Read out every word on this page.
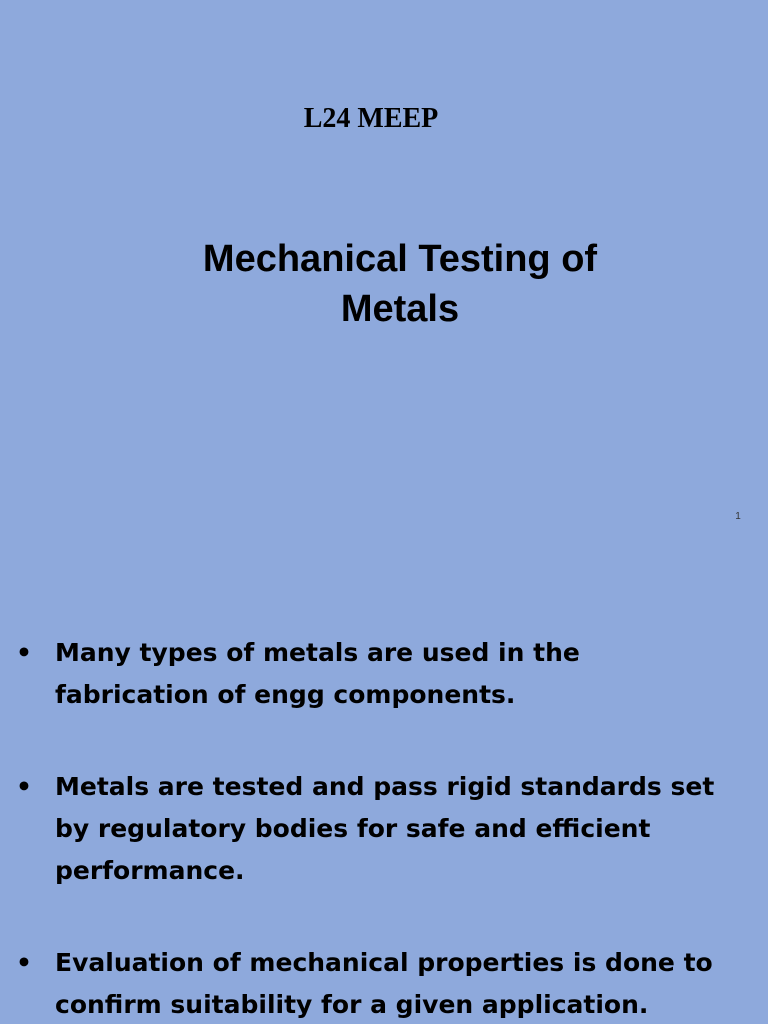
L24 MEEP
Mechanical Testing of
Metals
1
• Many types of metals are used in the
fabrication of engg components.
• Metals are tested and pass rigid standards set
by regulatory bodies for safe and efficient
performance.
• Evaluation of mechanical properties is done to
confirm suitability for a given application.
